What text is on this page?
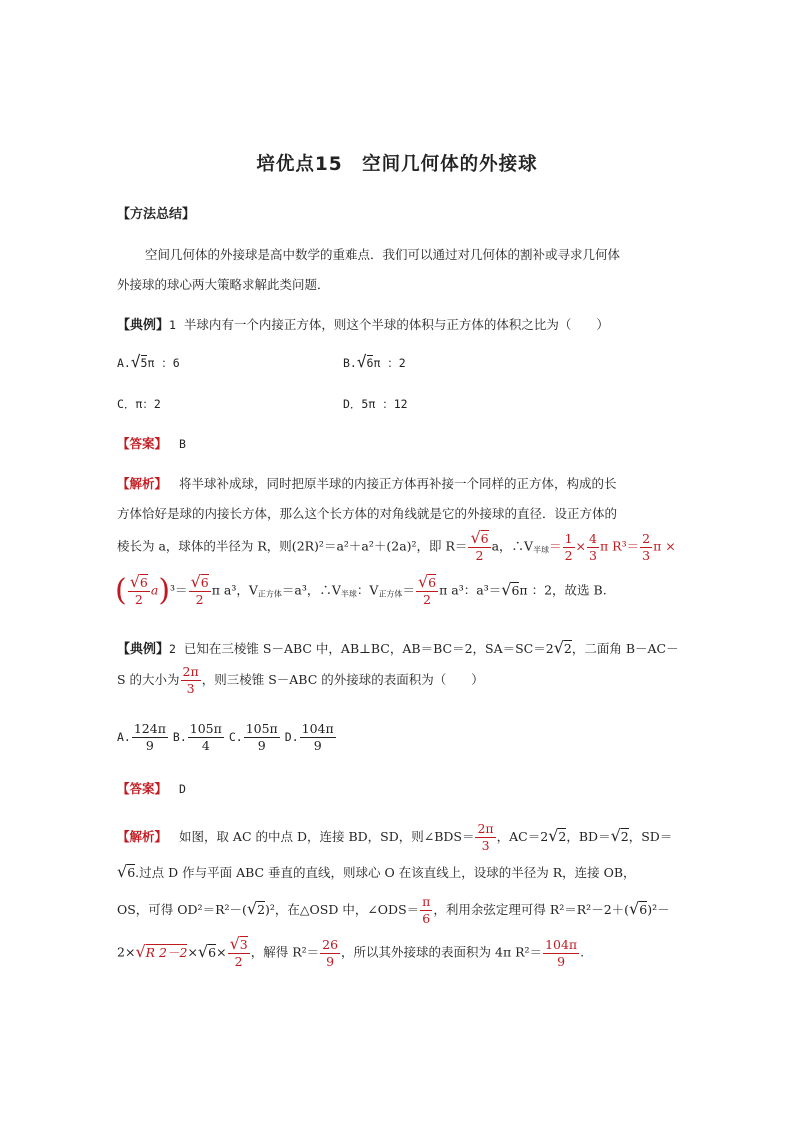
培优点15　空间几何体的外接球
【方法总结】
空间几何体的外接球是高中数学的重难点．我们可以通过对几何体的割补或寻求几何体
外接球的球心两大策略求解此类问题．
【典例】1 半球内有一个内接正方体，则这个半球的体积与正方体的体积之比为（　　）
A.√5π ：6	B.√6π ：2
C．π：2	D．5π ：12
【答案】 B
【解析】 将半球补成球，同时把原半球的内接正方体再补接一个同样的正方体，构成的长
方体恰好是球的内接长方体，那么这个长方体的对角线就是它的外接球的直径．设正方体的
棱长为 a，球体的半径为 R，则(2R)²＝a²＋a²＋(2a)²，即 $R= \frac{√6}{2}$ a，$\therefore V_{半球}= \frac{1}{2} \times \frac{4}{3}$ π $R^3= \frac{2}{3}$ π ×
( $\frac{√6}{2} a)^3= \frac{√6}{2}$ π a³，$V_{正方体}=a^3$，$\therefore V_{半球}$：$V_{正方体}= \frac{√6}{2}$ π a³：a³＝√6π ：2，故选 B.
【典例】2 已知在三棱锥 S－ABC 中，AB⊥BC，AB＝BC＝2，SA＝SC＝2√2，二面角 B－AC－
S 的大小为 $\frac{2\pi}{3}$ ，则三棱锥 S－ABC 的外接球的表面积为（　　）
A. $\frac{124\pi}{9} B$. $\frac{105\pi}{4} C$. $\frac{105\pi}{9} D$. $\frac{104\pi}{9}$
【答案】 D
【解析】 如图，取 AC 的中点 D，连接 BD，SD，则∠BDS＝ $\frac{2\pi}{3}$ ，AC＝2√2，BD＝√2，SD＝
√6.过点 D 作与平面 ABC 垂直的直线，则球心 O 在该直线上，设球的半径为 R，连接 OB，
OS，可得 OD²＝R²－(√2)²，在△OSD 中，∠ODS＝ $\frac{\pi}{6}$ ，利用余弦定理可得 R²＝R²－2＋(√6)²－
2×√R $2-2\times√6\times \frac{√3}{2}$ ，解得 $R^2= \frac{26}{9}$ ，所以其外接球的表面积为 4π $R^2= \frac{104\pi}{9}$ .
